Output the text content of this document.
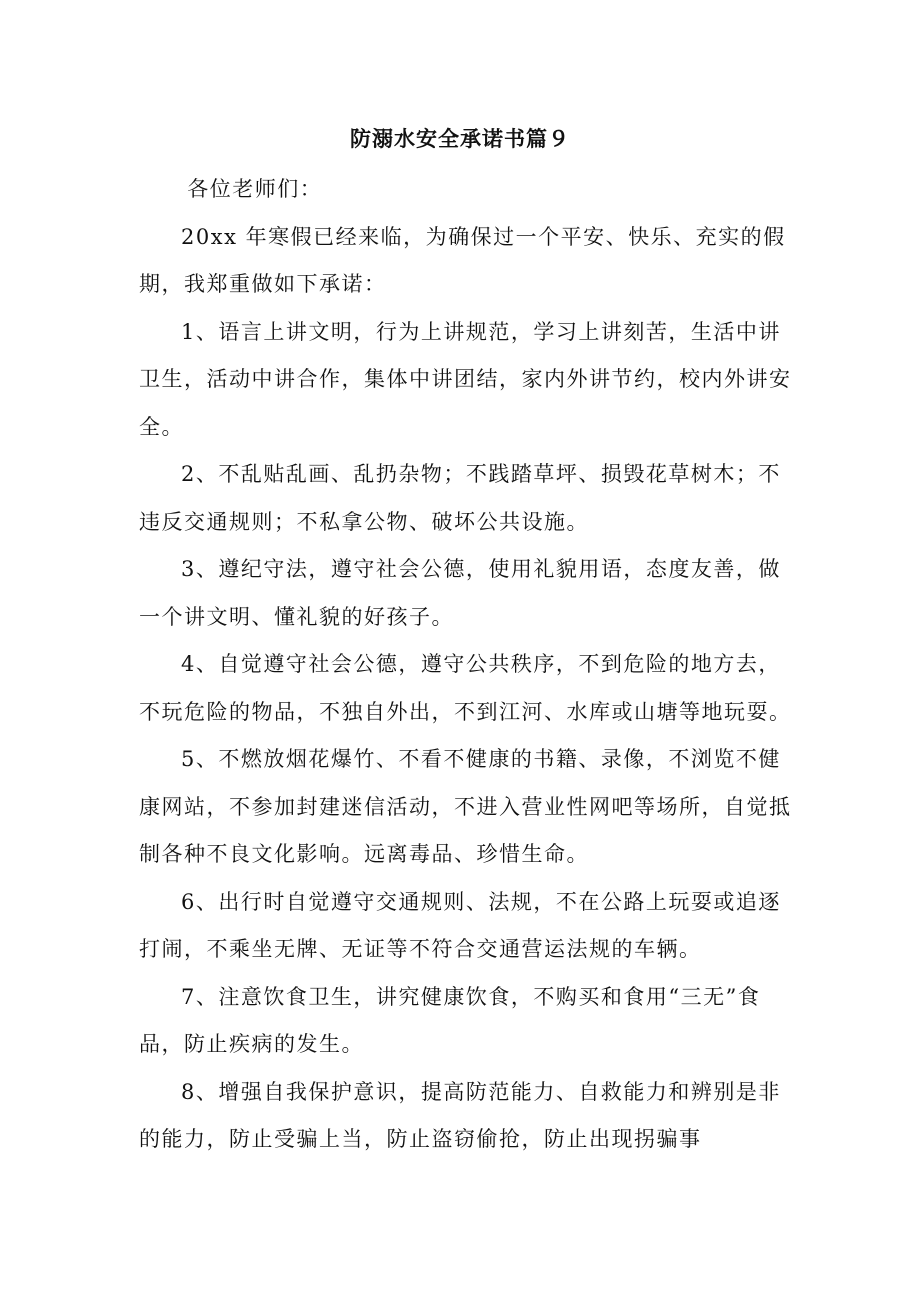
防溺水安全承诺书篇９

各位老师们：

20xx 年寒假已经来临，为确保过一个平安、快乐、充实的假期，我郑重做如下承诺：

1、语言上讲文明，行为上讲规范，学习上讲刻苦，生活中讲卫生，活动中讲合作，集体中讲团结，家内外讲节约，校内外讲安全。

2、不乱贴乱画、乱扔杂物；不践踏草坪、损毁花草树木；不违反交通规则；不私拿公物、破坏公共设施。

3、遵纪守法，遵守社会公德，使用礼貌用语，态度友善，做一个讲文明、懂礼貌的好孩子。

4、自觉遵守社会公德，遵守公共秩序，不到危险的地方去，不玩危险的物品，不独自外出，不到江河、水库或山塘等地玩耍。

5、不燃放烟花爆竹、不看不健康的书籍、录像，不浏览不健康网站，不参加封建迷信活动，不进入营业性网吧等场所，自觉抵制各种不良文化影响。远离毒品、珍惜生命。

6、出行时自觉遵守交通规则、法规，不在公路上玩耍或追逐打闹，不乘坐无牌、无证等不符合交通营运法规的车辆。

7、注意饮食卫生，讲究健康饮食，不购买和食用“三无”食品，防止疾病的发生。

8、增强自我保护意识，提高防范能力、自救能力和辨别是非的能力，防止受骗上当，防止盗窃偷抢，防止出现拐骗事
